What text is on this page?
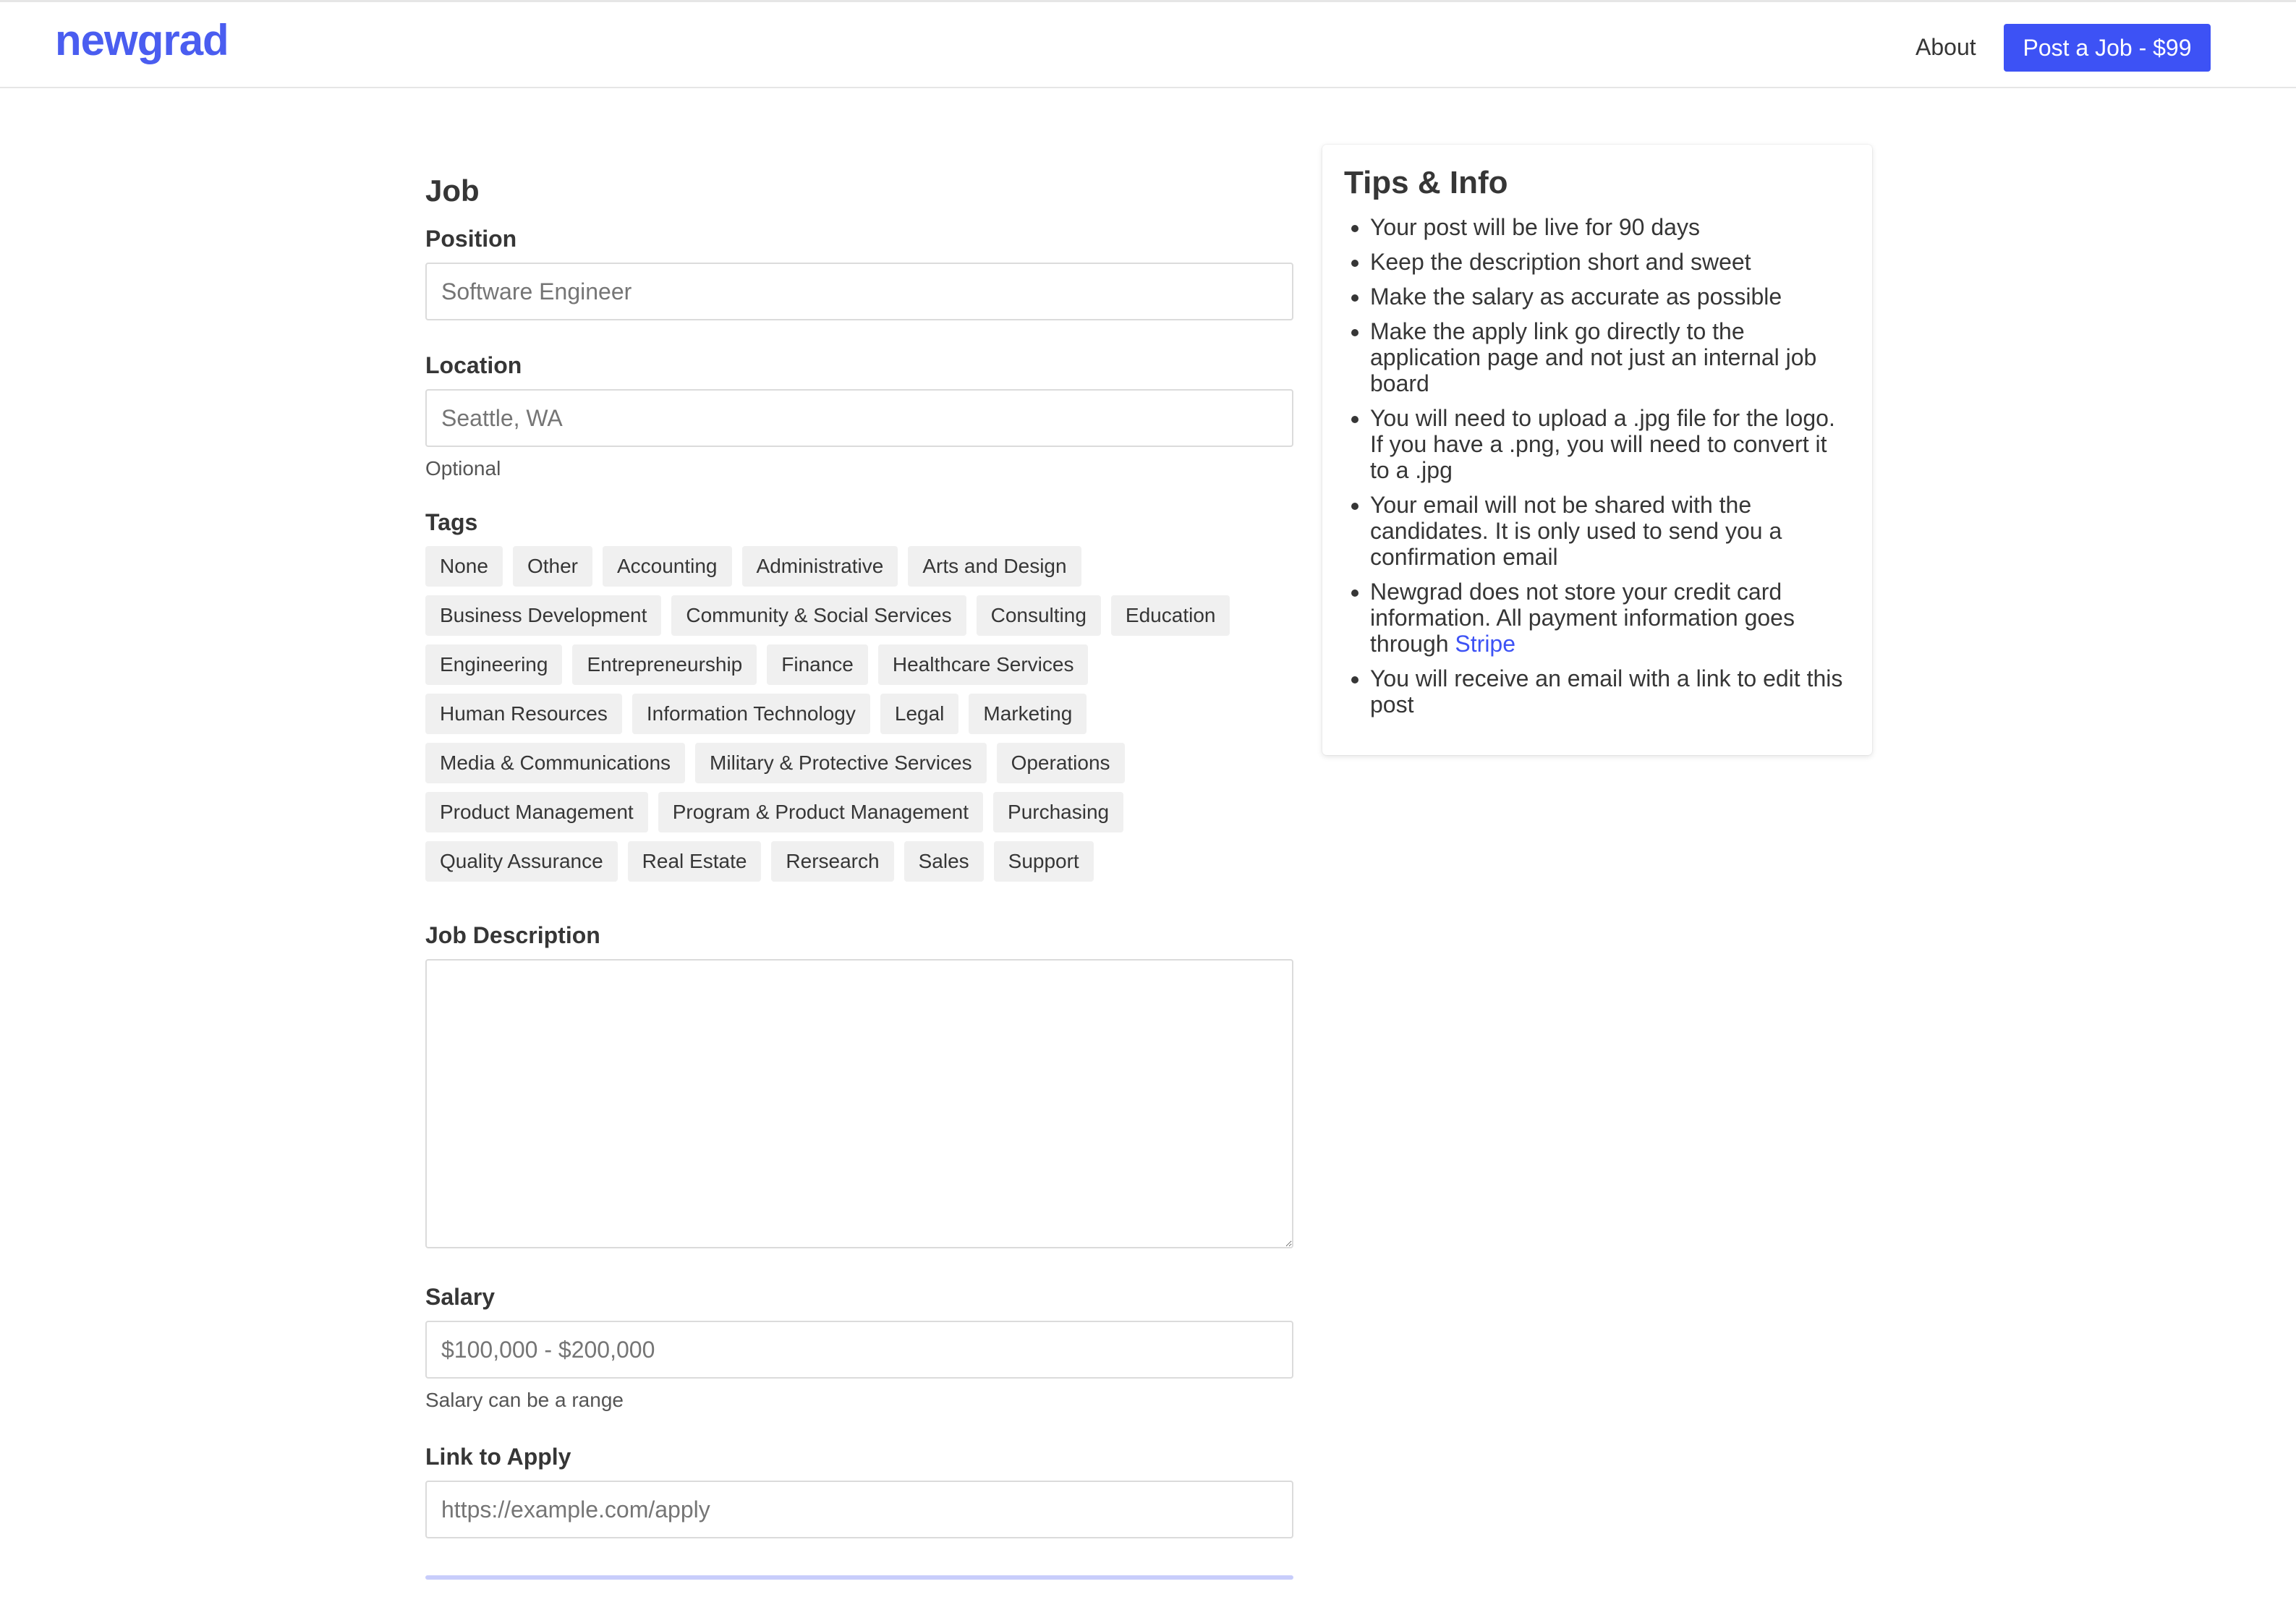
newgrad	About	Post a Job - $99
Job
Position
Software Engineer
Location
Seattle, WA
Optional
Tags
None	Other	Accounting	Administrative	Arts and Design
Business Development	Community & Social Services	Consulting	Education
Engineering	Entrepreneurship	Finance	Healthcare Services
Human Resources	Information Technology	Legal	Marketing
Media & Communications	Military & Protective Services	Operations
Product Management	Program & Product Management	Purchasing
Quality Assurance	Real Estate	Rersearch	Sales	Support
Job Description
Salary
$100,000 - $200,000
Salary can be a range
Link to Apply
https://example.com/apply
Tips & Info
• Your post will be live for 90 days
• Keep the description short and sweet
• Make the salary as accurate as possible
• Make the apply link go directly to the application page and not just an internal job board
• You will need to upload a .jpg file for the logo. If you have a .png, you will need to convert it to a .jpg
• Your email will not be shared with the candidates. It is only used to send you a confirmation email
• Newgrad does not store your credit card information. All payment information goes through Stripe
• You will receive an email with a link to edit this post
